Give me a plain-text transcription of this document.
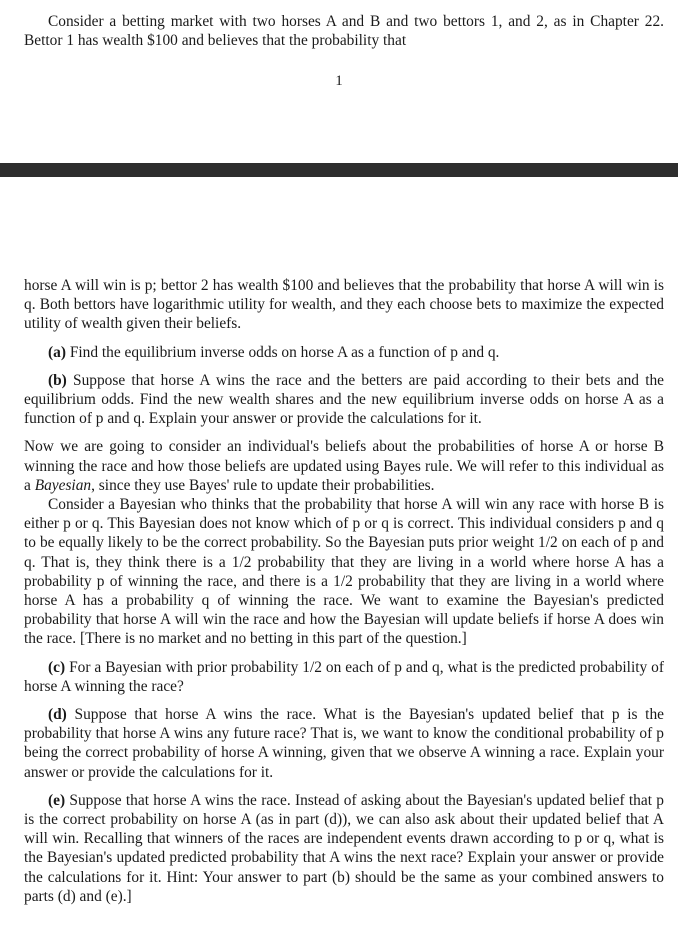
Consider a betting market with two horses A and B and two bettors 1, and 2, as in Chapter 22. Bettor 1 has wealth $100 and believes that the probability that

1

horse A will win is p; bettor 2 has wealth $100 and believes that the probability that horse A will win is q. Both bettors have logarithmic utility for wealth, and they each choose bets to maximize the expected utility of wealth given their beliefs.

(a) Find the equilibrium inverse odds on horse A as a function of p and q.

(b) Suppose that horse A wins the race and the betters are paid according to their bets and the equilibrium odds. Find the new wealth shares and the new equilibrium inverse odds on horse A as a function of p and q. Explain your answer or provide the calculations for it.

Now we are going to consider an individual's beliefs about the probabilities of horse A or horse B winning the race and how those beliefs are updated using Bayes rule. We will refer to this individual as a Bayesian, since they use Bayes' rule to update their probabilities.

Consider a Bayesian who thinks that the probability that horse A will win any race with horse B is either p or q. This Bayesian does not know which of p or q is correct. This individual considers p and q to be equally likely to be the correct probability. So the Bayesian puts prior weight 1/2 on each of p and q. That is, they think there is a 1/2 probability that they are living in a world where horse A has a probability p of winning the race, and there is a 1/2 probability that they are living in a world where horse A has a probability q of winning the race. We want to examine the Bayesian's predicted probability that horse A will win the race and how the Bayesian will update beliefs if horse A does win the race. [There is no market and no betting in this part of the question.]

(c) For a Bayesian with prior probability 1/2 on each of p and q, what is the predicted probability of horse A winning the race?

(d) Suppose that horse A wins the race. What is the Bayesian's updated belief that p is the probability that horse A wins any future race? That is, we want to know the conditional probability of p being the correct probability of horse A winning, given that we observe A winning a race. Explain your answer or provide the calculations for it.

(e) Suppose that horse A wins the race. Instead of asking about the Bayesian's updated belief that p is the correct probability on horse A (as in part (d)), we can also ask about their updated belief that A will win. Recalling that winners of the races are independent events drawn according to p or q, what is the Bayesian's updated predicted probability that A wins the next race? Explain your answer or provide the calculations for it. Hint: Your answer to part (b) should be the same as your combined answers to parts (d) and (e).]
